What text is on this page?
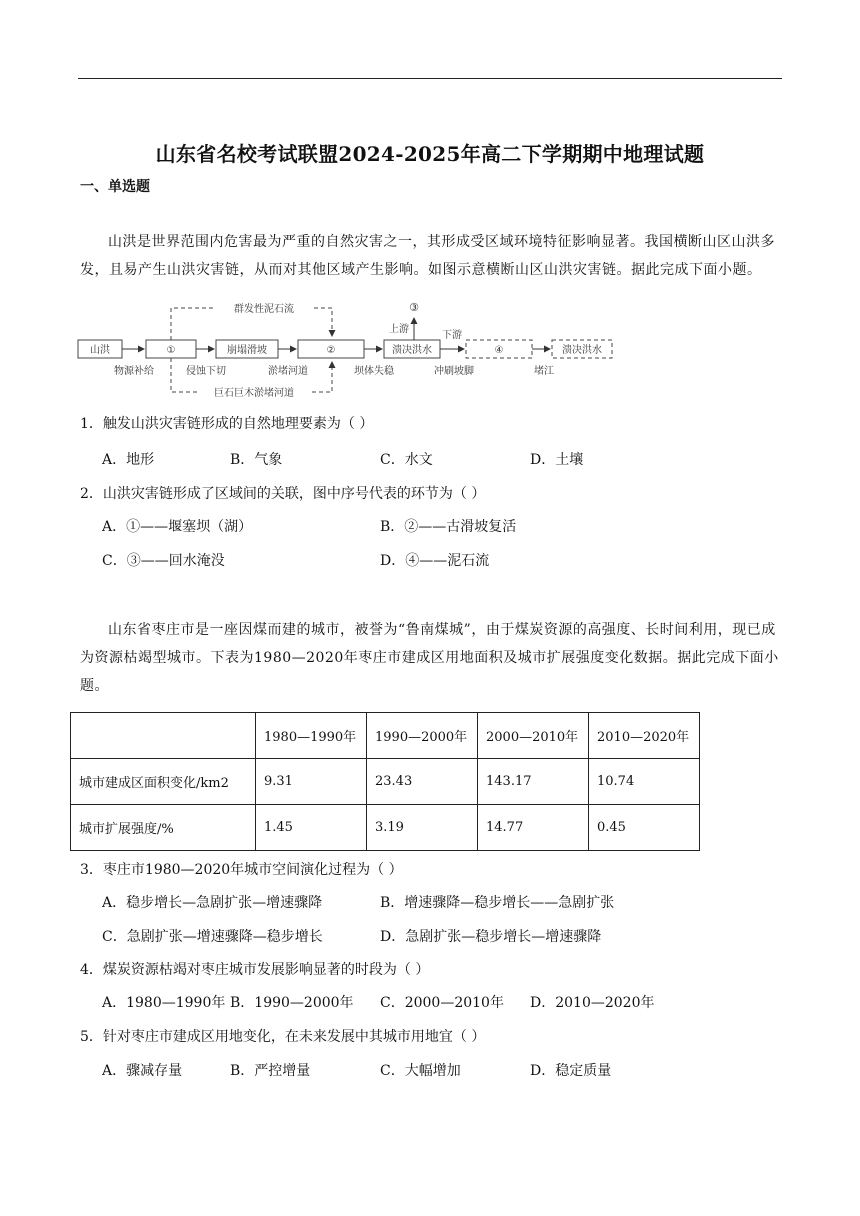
山东省名校考试联盟2024-2025年高二下学期期中地理试题
一、单选题
山洪是世界范围内危害最为严重的自然灾害之一，其形成受区域环境特征影响显著。我国横断山区山洪多发，且易产生山洪灾害链，从而对其他区域产生影响。如图示意横断山区山洪灾害链。据此完成下面小题。
群发性泥石流
巨石巨木淤堵河道
山洪	①	崩塌滑坡	②	溃决洪水	④	溃决洪水
③
上游
下游
物源补给	侵蚀下切	淤堵河道	坝体失稳	冲刷坡脚	堵江
1．触发山洪灾害链形成的自然地理要素为（ ）
A．地形	B．气象	C．水文	D．土壤
2．山洪灾害链形成了区域间的关联，图中序号代表的环节为（ ）
A．①——堰塞坝（湖）	B．②——古滑坡复活
C．③——回水淹没	D．④——泥石流
山东省枣庄市是一座因煤而建的城市，被誉为“鲁南煤城”，由于煤炭资源的高强度、长时间利用，现已成为资源枯竭型城市。下表为1980—2020年枣庄市建成区用地面积及城市扩展强度变化数据。据此完成下面小题。
	1980—1990年	1990—2000年	2000—2010年	2010—2020年
城市建成区面积变化/km2	9.31	23.43	143.17	10.74
城市扩展强度/%	1.45	3.19	14.77	0.45
3．枣庄市1980—2020年城市空间演化过程为（ ）
A．稳步增长—急剧扩张—增速骤降	B．增速骤降—稳步增长——急剧扩张
C．急剧扩张—增速骤降—稳步增长	D．急剧扩张—稳步增长—增速骤降
4．煤炭资源枯竭对枣庄城市发展影响显著的时段为（ ）
A．1980—1990年 B．1990—2000年 C．2000—2010年 D．2010—2020年
5．针对枣庄市建成区用地变化，在未来发展中其城市用地宜（ ）
A．骤减存量	B．严控增量	C．大幅增加	D．稳定质量
